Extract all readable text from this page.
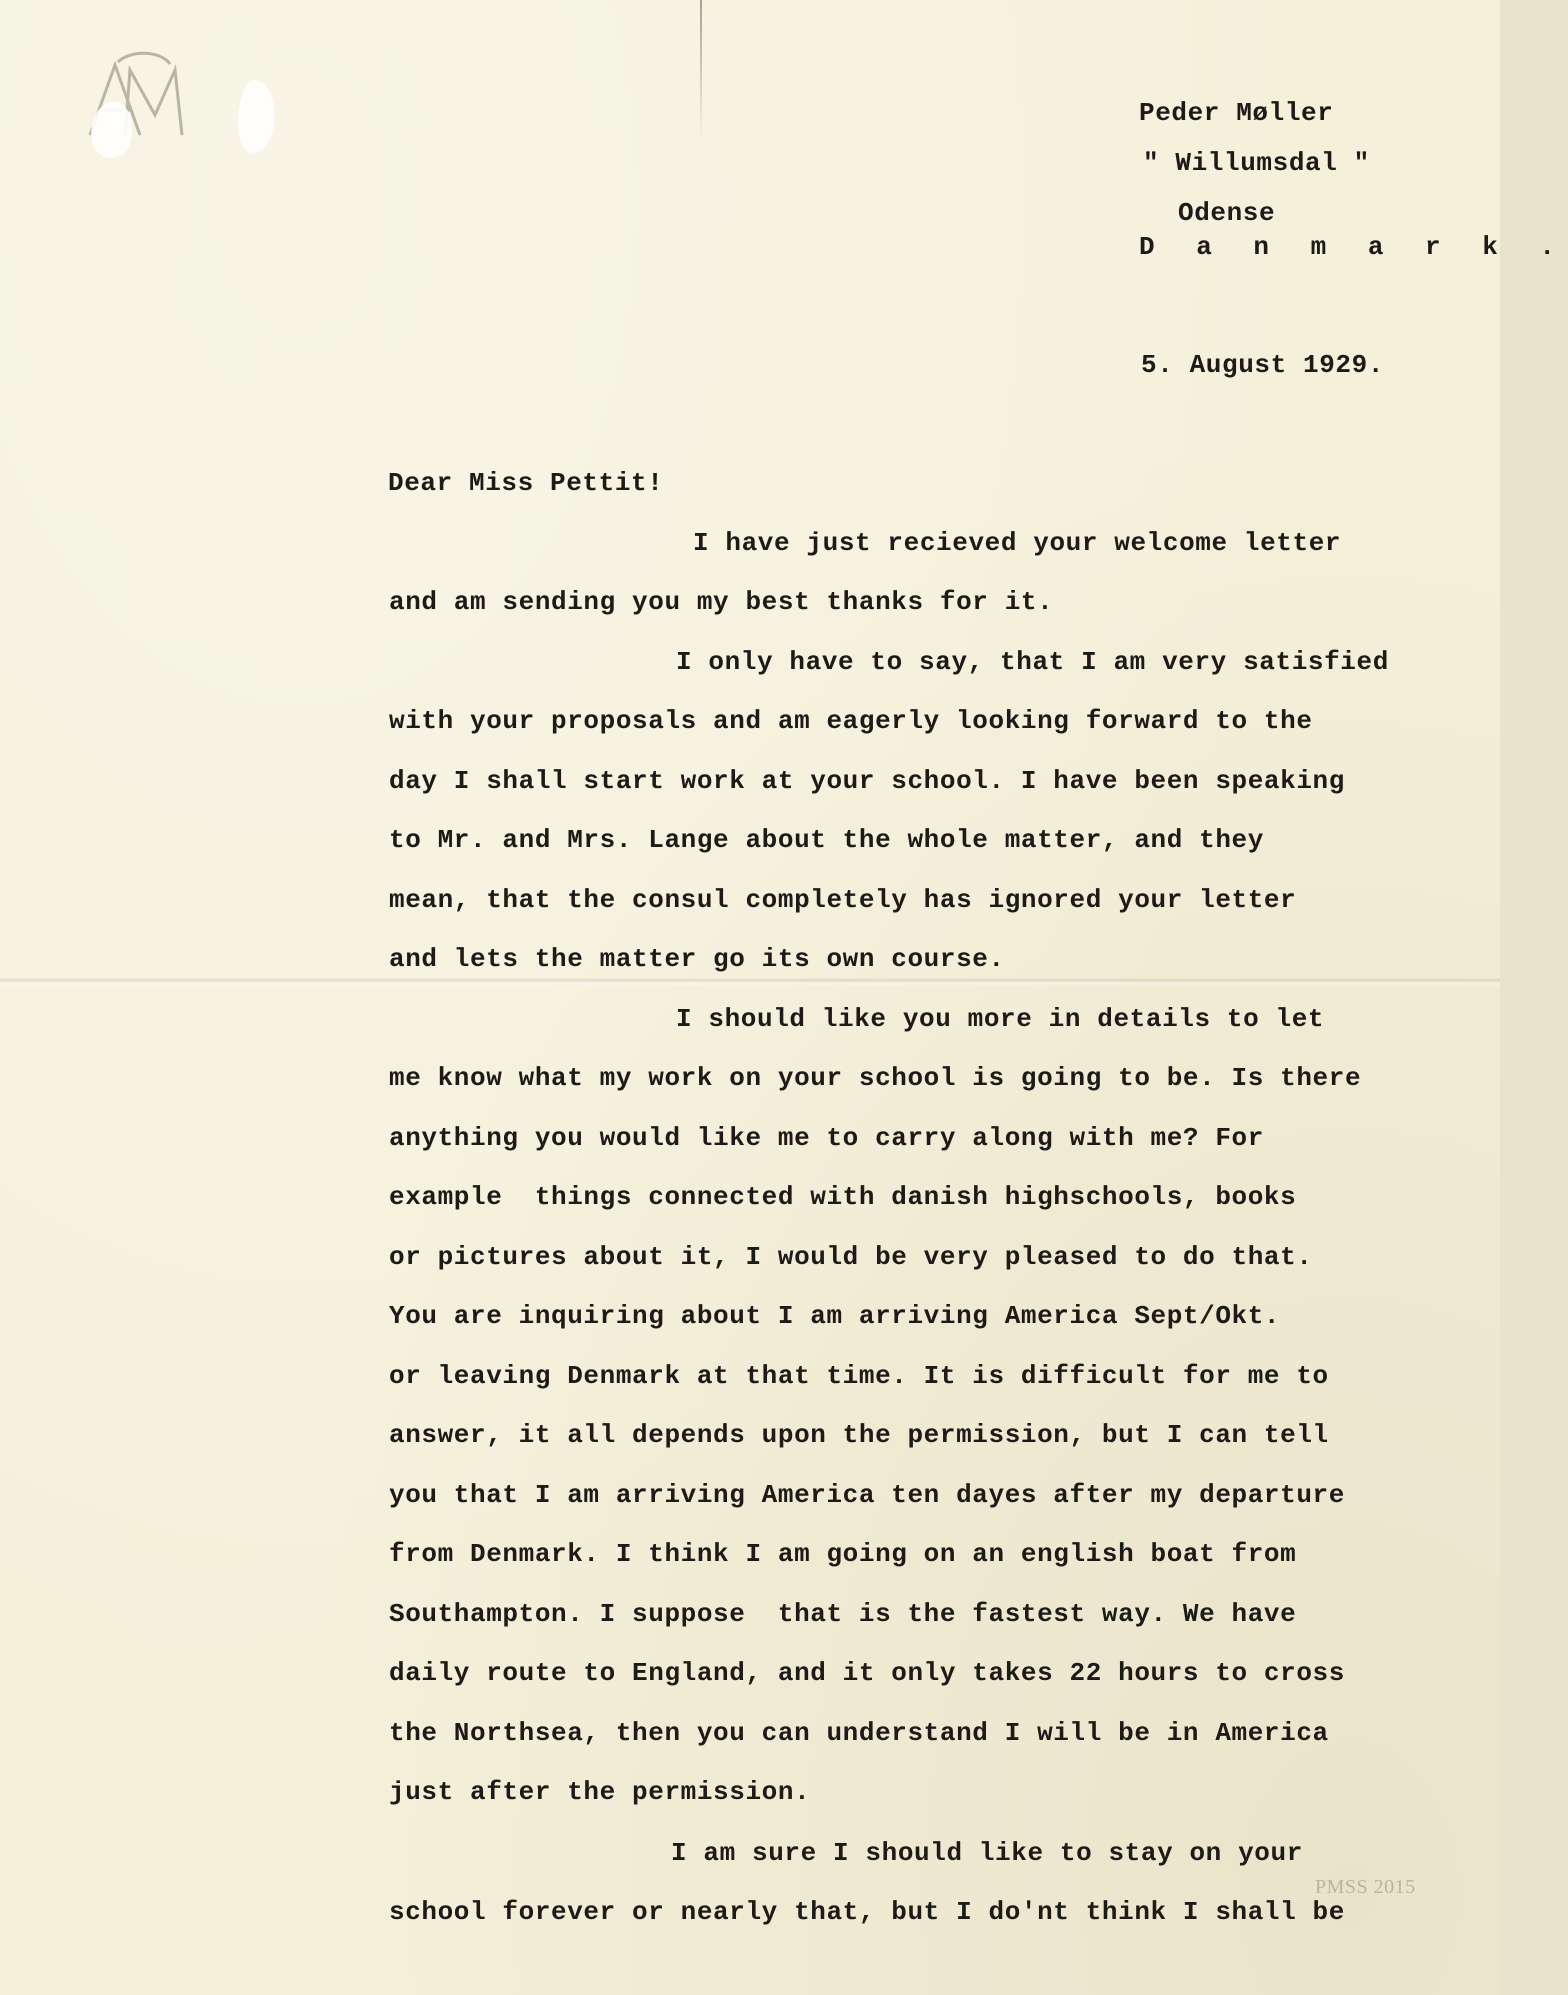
Peder Møller

" Willumsdal "

Odense

D a n m a r k .

5. August 1929.

Dear Miss Pettit!

I have just recieved your welcome letter

and am sending you my best thanks for it.

I only have to say, that I am very satisfied

with your proposals and am eagerly looking forward to the

day I shall start work at your school. I have been speaking

to Mr. and Mrs. Lange about the whole matter, and they

mean, that the consul completely has ignored your letter

and lets the matter go its own course.

I should like you more in details to let

me know what my work on your school is going to be. Is there

anything you would like me to carry along with me? For

example  things connected with danish highschools, books

or pictures about it, I would be very pleased to do that.

You are inquiring about I am arriving America Sept/Okt.

or leaving Denmark at that time. It is difficult for me to

answer, it all depends upon the permission, but I can tell

you that I am arriving America ten dayes after my departure

from Denmark. I think I am going on an english boat from

Southampton. I suppose  that is the fastest way. We have

daily route to England, and it only takes 22 hours to cross

the Northsea, then you can understand I will be in America

just after the permission.

I am sure I should like to stay on your

school forever or nearly that, but I do'nt think I shall be

PMSS 2015
